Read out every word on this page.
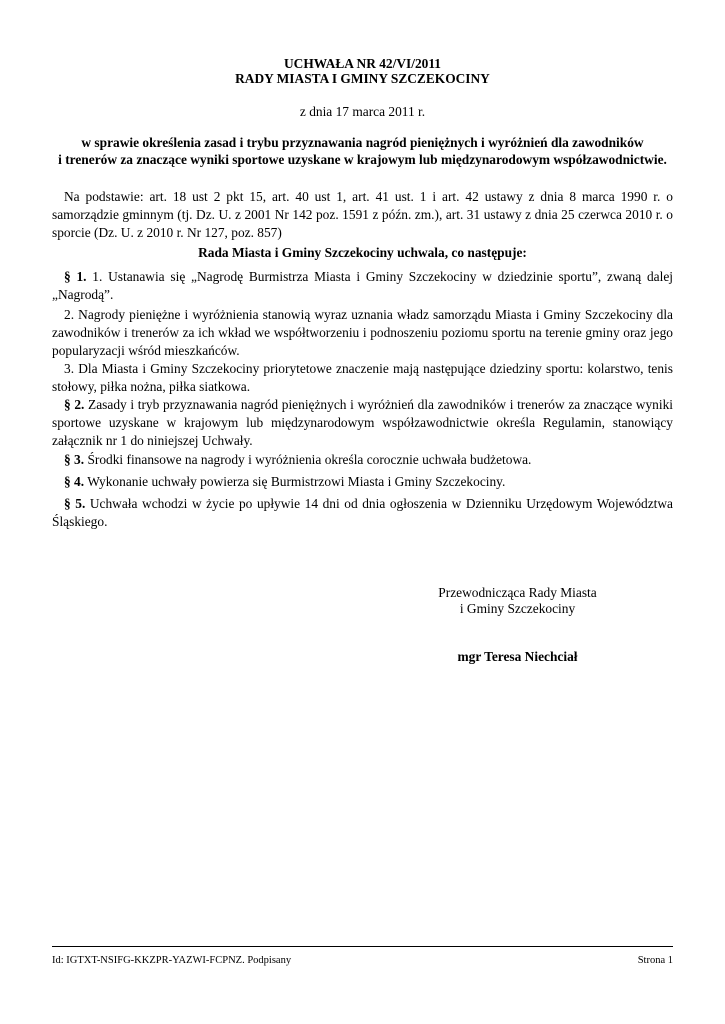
UCHWAŁA NR 42/VI/2011
RADY MIASTA I GMINY SZCZEKOCINY
z dnia 17 marca 2011 r.
w sprawie określenia zasad i trybu przyznawania nagród pieniężnych i wyróżnień dla zawodników
i trenerów za znaczące wyniki sportowe uzyskane w krajowym lub międzynarodowym współzawodnictwie.
Na podstawie: art. 18 ust 2 pkt 15, art. 40 ust 1, art. 41 ust. 1 i art. 42 ustawy z dnia 8 marca 1990 r. o samorządzie gminnym (tj. Dz. U. z 2001 Nr 142 poz. 1591 z późn. zm.), art. 31 ustawy z dnia 25 czerwca 2010 r. o sporcie (Dz. U. z 2010 r. Nr 127, poz. 857)
Rada Miasta i Gminy Szczekociny uchwala, co następuje:
§ 1. 1. Ustanawia się „Nagrodę Burmistrza Miasta i Gminy Szczekociny w dziedzinie sportu”, zwaną dalej „Nagrodą”.
2. Nagrody pieniężne i wyróżnienia stanowią wyraz uznania władz samorządu Miasta i Gminy Szczekociny dla zawodników i trenerów za ich wkład we współtworzeniu i podnoszeniu poziomu sportu na terenie gminy oraz jego popularyzacji wśród mieszkańców.
3. Dla Miasta i Gminy Szczekociny priorytetowe znaczenie mają następujące dziedziny sportu: kolarstwo, tenis stołowy, piłka nożna, piłka siatkowa.
§ 2. Zasady i tryb przyznawania nagród pieniężnych i wyróżnień dla zawodników i trenerów za znaczące wyniki sportowe uzyskane w krajowym lub międzynarodowym współzawodnictwie określa Regulamin, stanowiący załącznik nr 1 do niniejszej Uchwały.
§ 3. Środki finansowe na nagrody i wyróżnienia określa corocznie uchwała budżetowa.
§ 4. Wykonanie uchwały powierza się Burmistrzowi Miasta i Gminy Szczekociny.
§ 5. Uchwała wchodzi w życie po upływie 14 dni od dnia ogłoszenia w Dzienniku Urzędowym Województwa Śląskiego.
Przewodnicząca Rady Miasta
i Gminy Szczekociny
mgr Teresa Niechciał
Id: IGTXT-NSIFG-KKZPR-YAZWI-FCPNZ. Podpisany	Strona 1
